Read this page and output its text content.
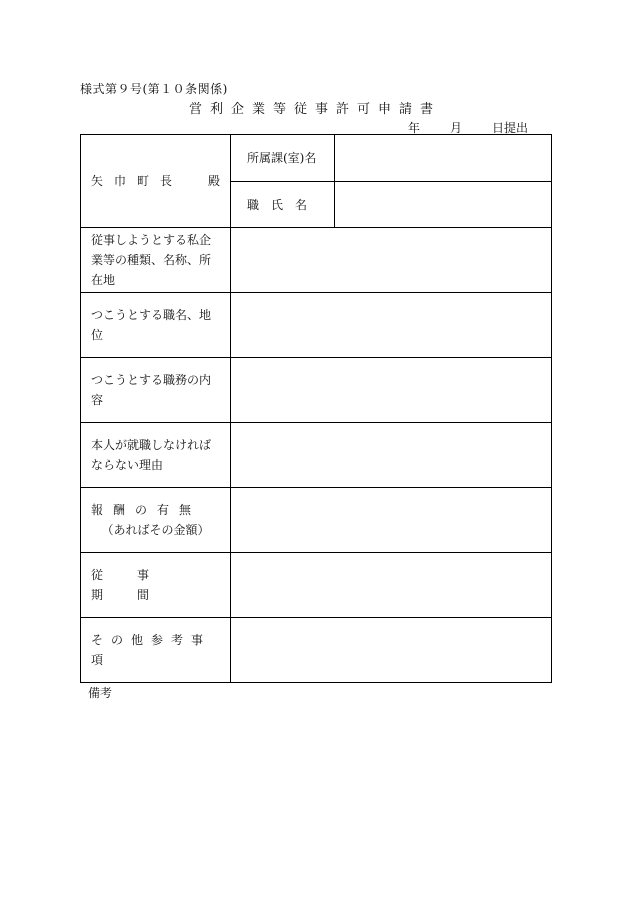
様式第９号(第１０条関係)
営利企業等従事許可申請書
年	月	日提出
矢巾町長 殿
所属課(室)名
職　氏　名
従事しようとする私企業等の種類、名称、所在地
つこうとする職名、地位
つこうとする職務の内容
本人が就職しなければならない理由
報酬の有無
（あればその金額）
従事期間
その他参考事項
備考
